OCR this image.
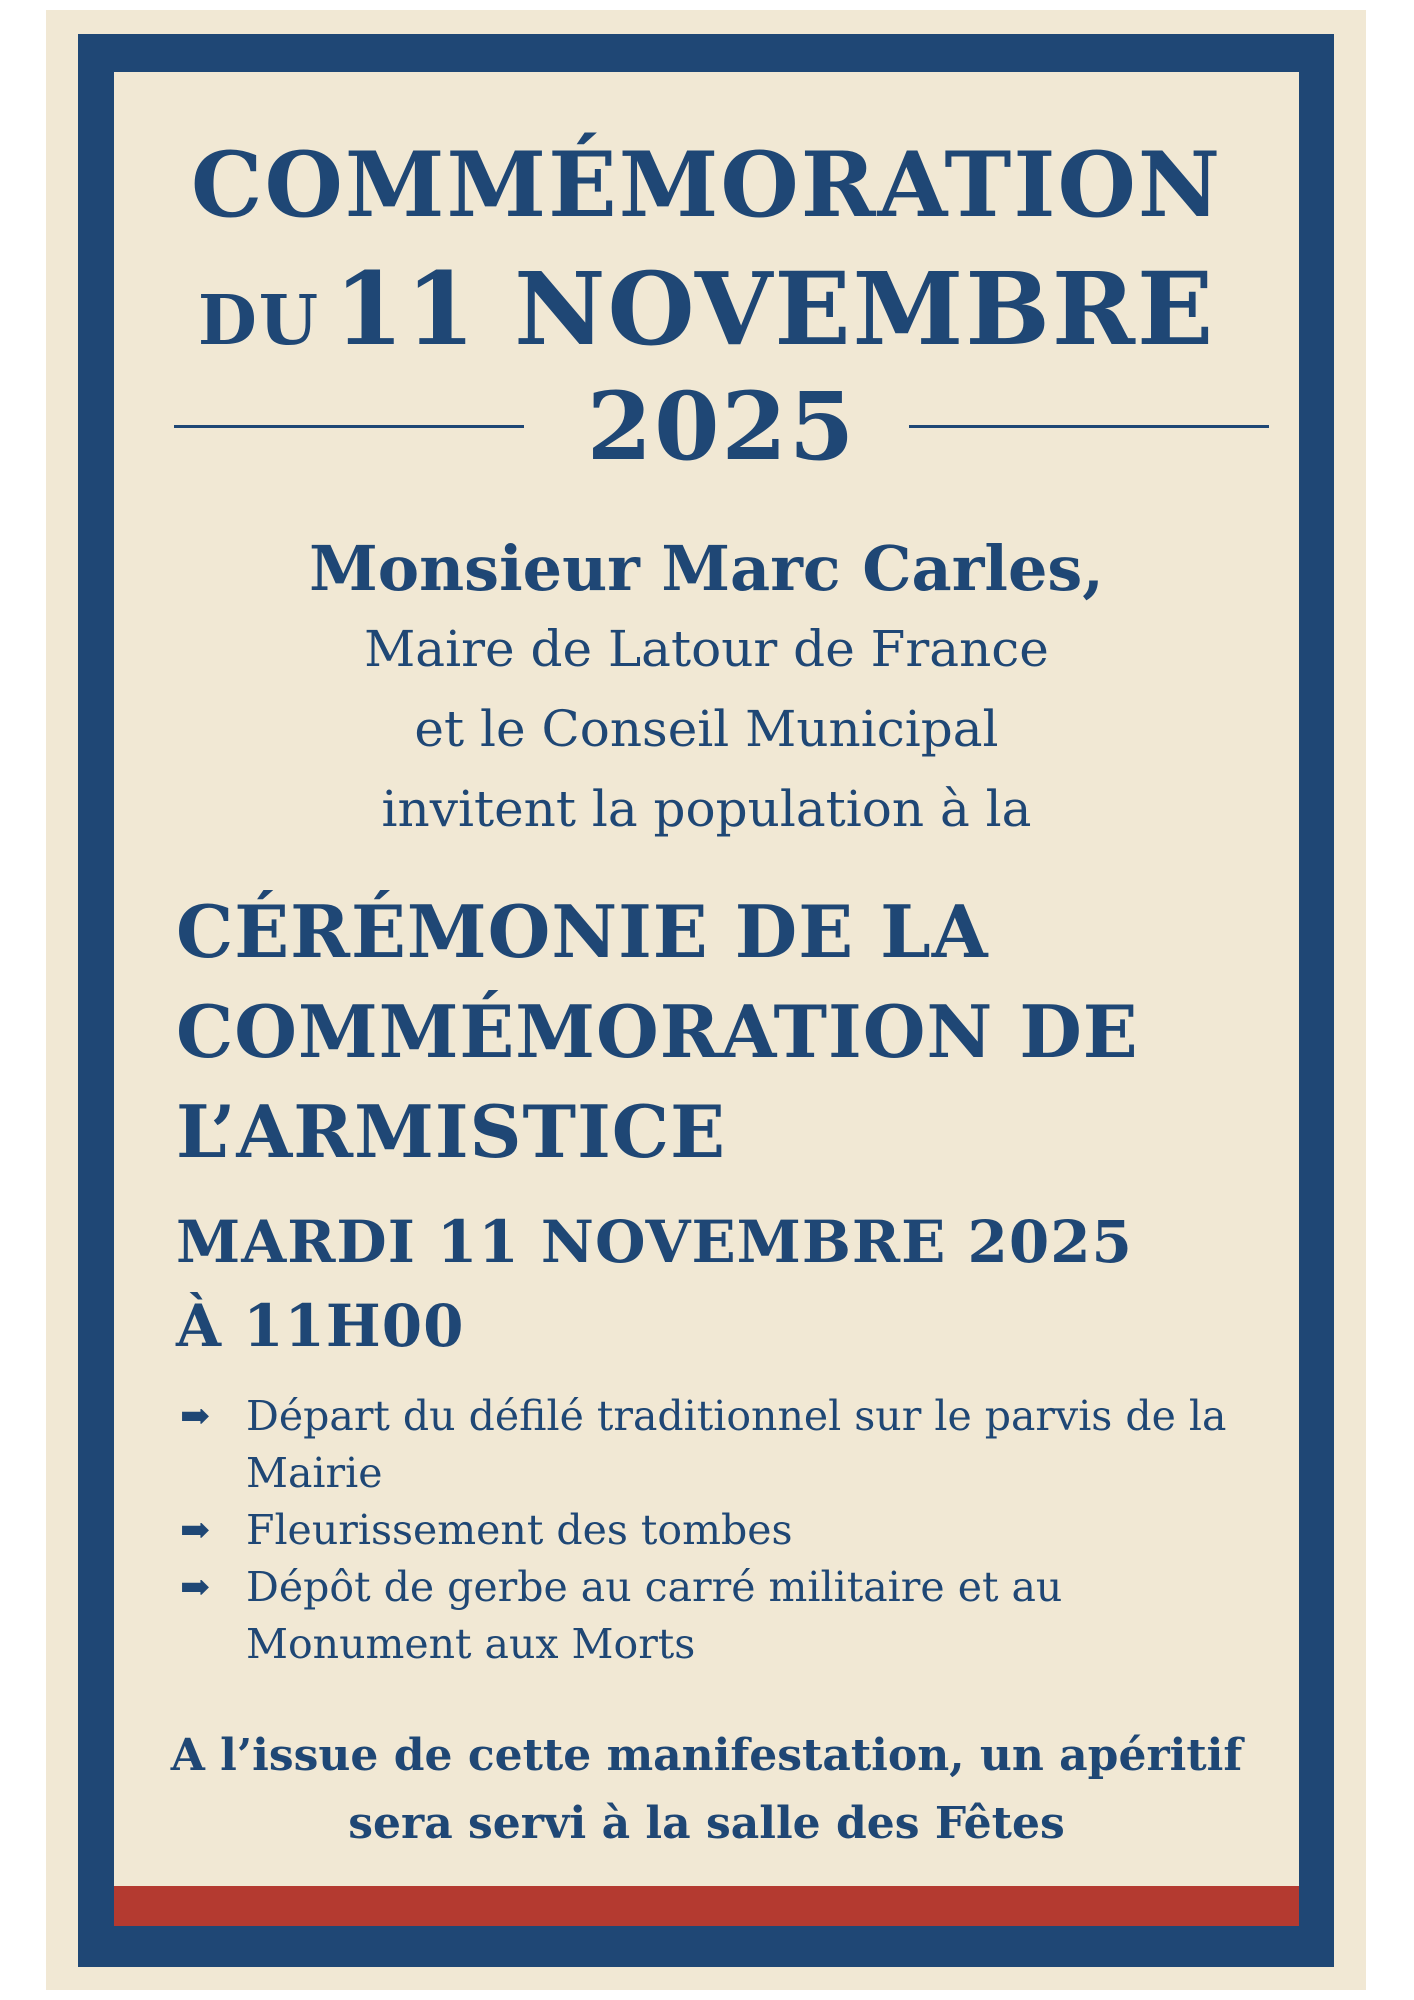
COMMÉMORATION
DU 11 NOVEMBRE
2025

Monsieur Marc Carles,

Maire de Latour de France

et le Conseil Municipal

invitent la population à la

CÉRÉMONIE DE LA
COMMÉMORATION DE
L’ARMISTICE
MARDI 11 NOVEMBRE 2025
À 11H00
➡ Départ du défilé traditionnel sur le parvis de la Mairie
➡ Fleurissement des tombes
➡ Dépôt de gerbe au carré militaire et au Monument aux Morts
A l’issue de cette manifestation, un apéritif
sera servi à la salle des Fêtes
